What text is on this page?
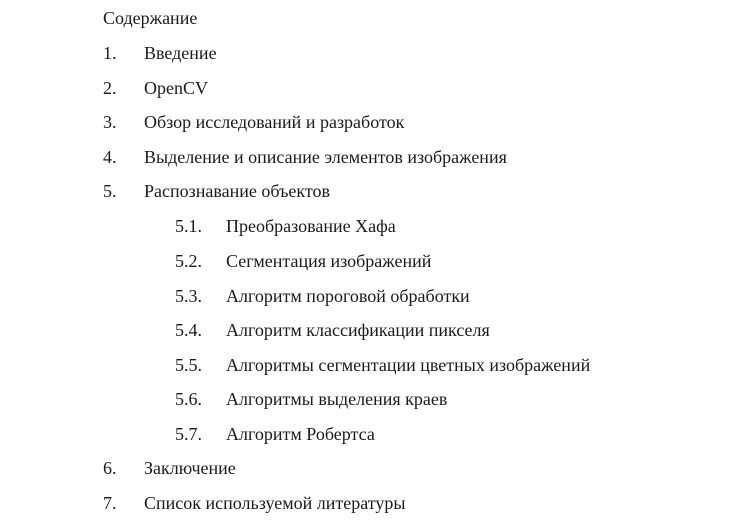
Содержание
1. Введение
2. OpenCV
3. Обзор исследований и разработок
4. Выделение и описание элементов изображения
5. Распознавание объектов
5.1. Преобразование Хафа
5.2. Сегментация изображений
5.3. Алгоритм пороговой обработки
5.4. Алгоритм классификации пикселя
5.5. Алгоритмы сегментации цветных изображений
5.6. Алгоритмы выделения краев
5.7. Алгоритм Робертса
6. Заключение
7. Список используемой литературы
